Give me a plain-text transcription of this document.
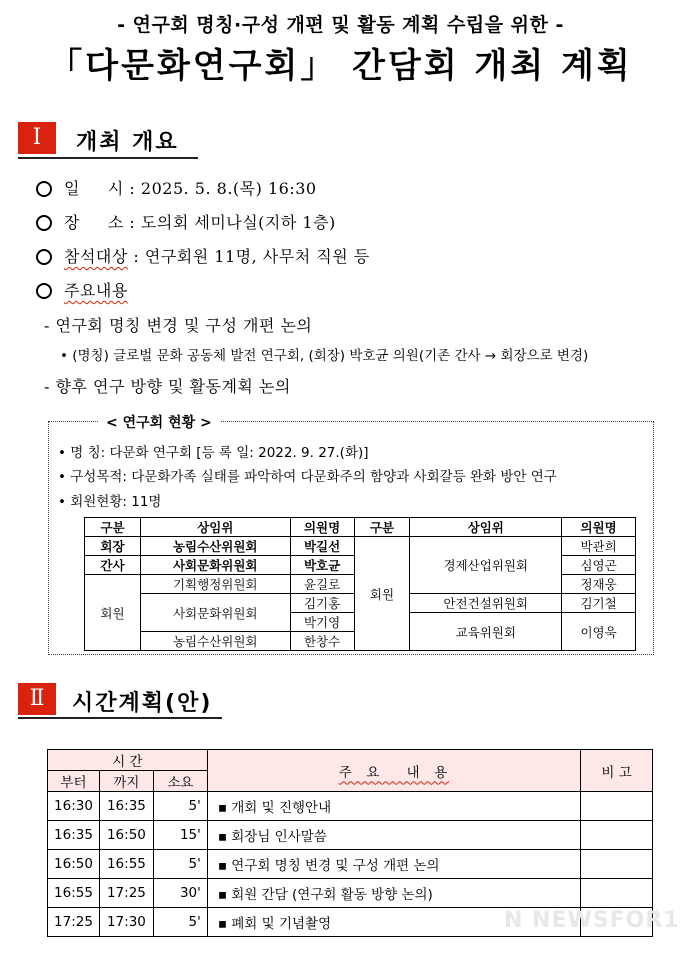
- 연구회 명칭·구성 개편 및 활동 계획 수립을 위한 -
「다문화연구회」 간담회 개최 계획
Ⅰ	개최 개요
일     시 : 2025. 5. 8.(목) 16:30
장     소 : 도의회 세미나실(지하 1층)
참석대상 : 연구회원 11명, 사무처 직원 등
주요내용
- 연구회 명칭 변경 및 구성 개편 논의
• (명칭) 글로벌 문화 공동체 발전 연구회, (회장) 박호균 의원(기존 간사 → 회장으로 변경)
- 향후 연구 방향 및 활동계획 논의
< 연구회 현황 >
• 명 칭: 다문화 연구회 [등 록 일: 2022. 9. 27.(화)]
• 구성목적: 다문화가족 실태를 파악하여 다문화주의 함양과 사회갈등 완화 방안 연구
• 회원현황: 11명
구분	상임위	의원명	구분	상임위	의원명
회장	농림수산위원회	박길선	회원	경제산업위원회	박관희
간사	사회문화위원회	박호균			심영곤
회원	기획행정위원회	윤길로			정재웅
	사회문화위원회	김기홍		안전건설위원회	김기철
		박기영		교육위원회	이영욱
	농림수산위원회	한창수			

Ⅱ	시간계획(안)
시 간			주  요    내  용	비 고
부터	까지	소요		
16:30	16:35	5'	▪ 개회 및 진행안내	
16:35	16:50	15'	▪ 회장님 인사말씀	
16:50	16:55	5'	▪ 연구회 명칭 변경 및 구성 개편 논의	
16:55	17:25	30'	▪ 회원 간담 (연구회 활동 방향 논의)	
17:25	17:30	5'	▪ 폐회 및 기념촬영		N NEWSFOR1
